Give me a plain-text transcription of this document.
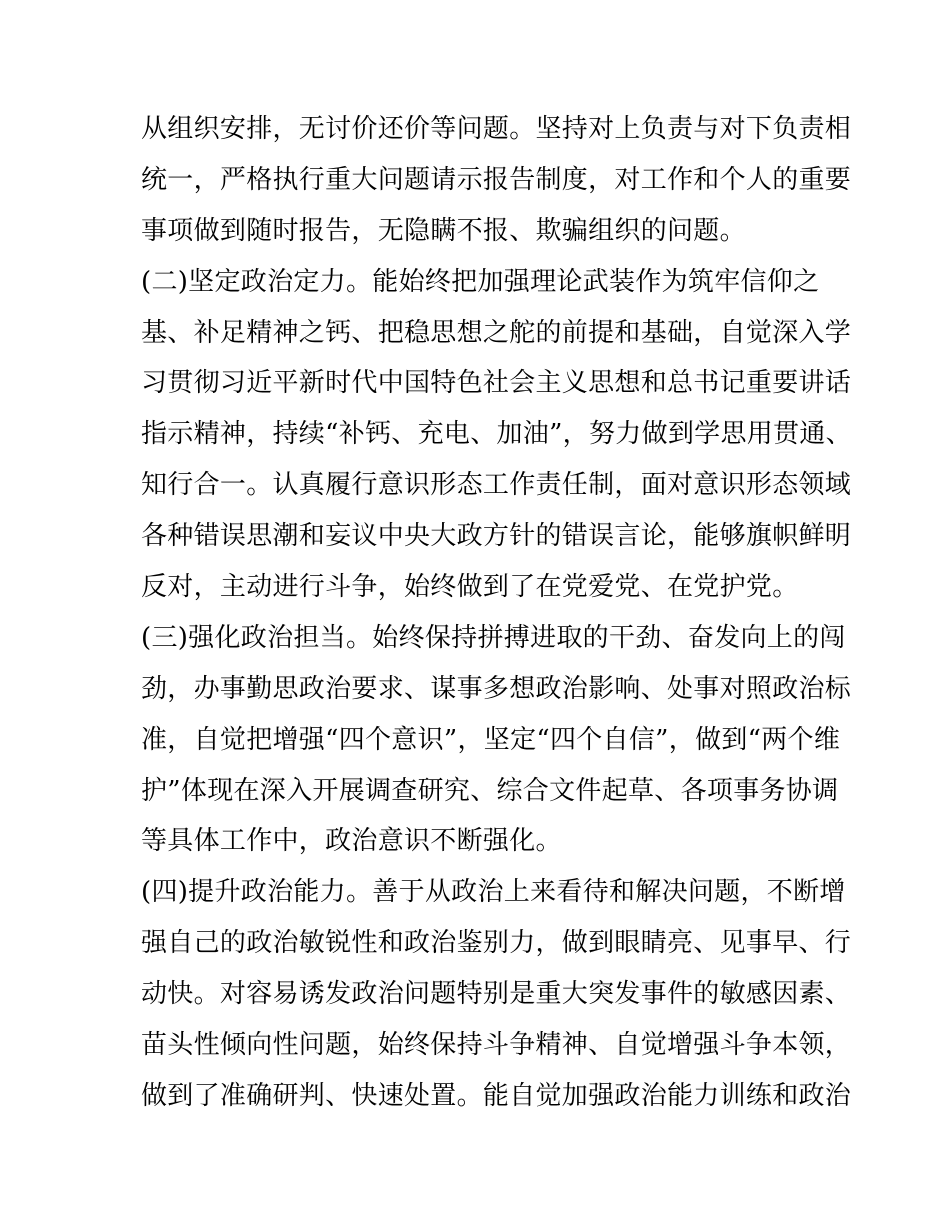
从组织安排，无讨价还价等问题。坚持对上负责与对下负责相
统一，严格执行重大问题请示报告制度，对工作和个人的重要
事项做到随时报告，无隐瞒不报、欺骗组织的问题。
(二)坚定政治定力。能始终把加强理论武装作为筑牢信仰之
基、补足精神之钙、把稳思想之舵的前提和基础，自觉深入学
习贯彻习近平新时代中国特色社会主义思想和总书记重要讲话
指示精神，持续“补钙、充电、加油”，努力做到学思用贯通、
知行合一。认真履行意识形态工作责任制，面对意识形态领域
各种错误思潮和妄议中央大政方针的错误言论，能够旗帜鲜明
反对，主动进行斗争，始终做到了在党爱党、在党护党。
(三)强化政治担当。始终保持拼搏进取的干劲、奋发向上的闯
劲，办事勤思政治要求、谋事多想政治影响、处事对照政治标
准，自觉把增强“四个意识”，坚定“四个自信”，做到“两个维
护”体现在深入开展调查研究、综合文件起草、各项事务协调
等具体工作中，政治意识不断强化。
(四)提升政治能力。善于从政治上来看待和解决问题，不断增
强自己的政治敏锐性和政治鉴别力，做到眼睛亮、见事早、行
动快。对容易诱发政治问题特别是重大突发事件的敏感因素、
苗头性倾向性问题，始终保持斗争精神、自觉增强斗争本领，
做到了准确研判、快速处置。能自觉加强政治能力训练和政治
